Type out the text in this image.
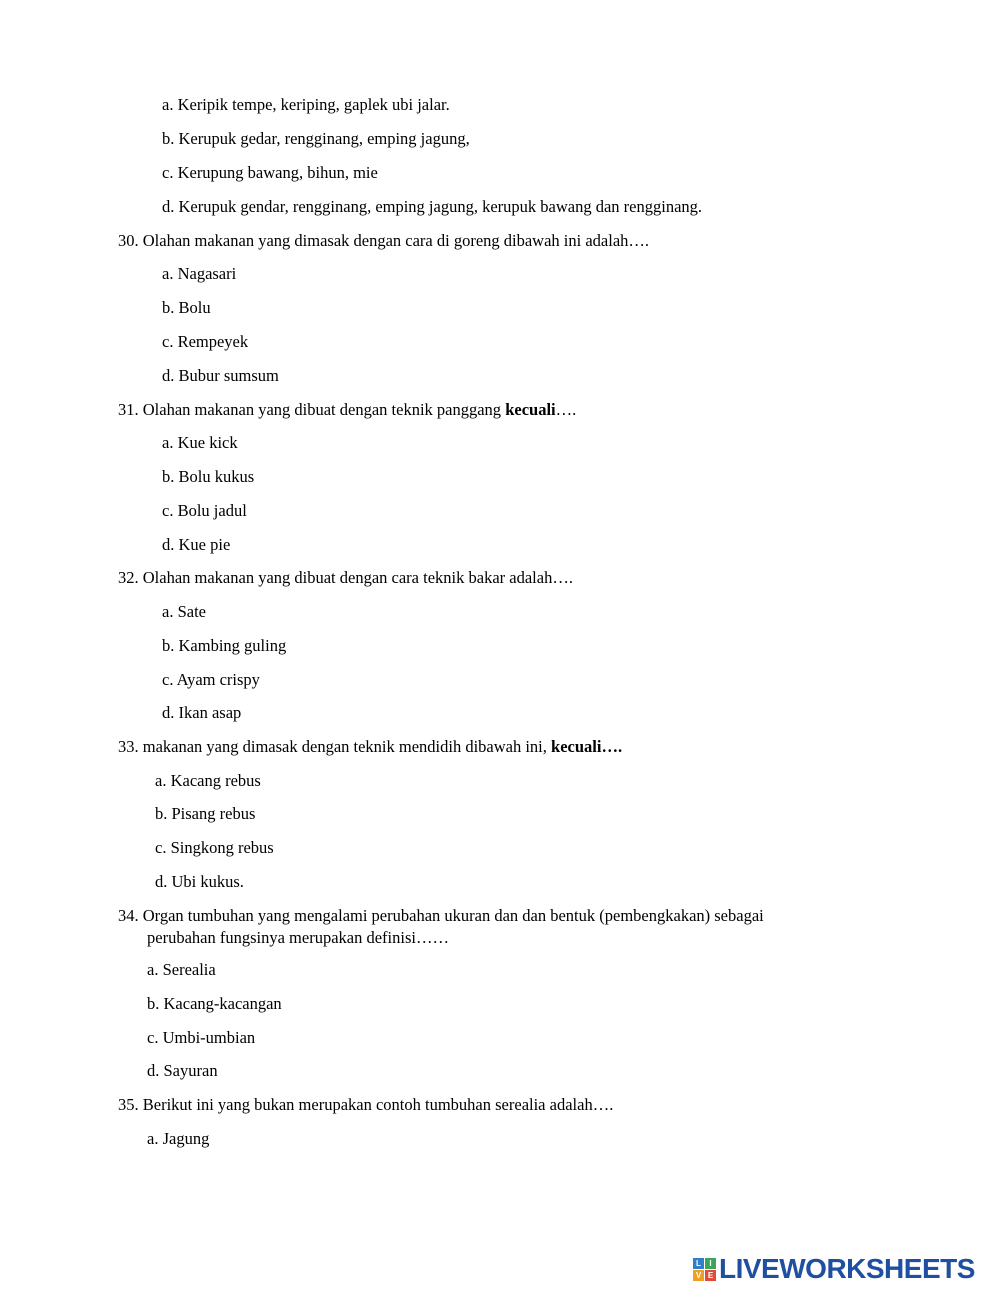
a. Keripik tempe, keriping, gaplek ubi jalar.
b. Kerupuk gedar, rengginang, emping jagung,
c. Kerupung bawang, bihun, mie
d. Kerupuk gendar, rengginang, emping jagung, kerupuk bawang dan rengginang.
30. Olahan makanan yang dimasak dengan cara di goreng dibawah ini adalah….
a. Nagasari
b. Bolu
c. Rempeyek
d. Bubur sumsum
31. Olahan makanan yang dibuat dengan teknik panggang kecuali….
a. Kue kick
b. Bolu kukus
c. Bolu jadul
d. Kue pie
32. Olahan makanan yang dibuat dengan cara teknik bakar adalah….
a. Sate
b. Kambing guling
c. Ayam crispy
d. Ikan asap
33. makanan yang dimasak dengan teknik mendidih dibawah ini, kecuali….
a. Kacang rebus
b. Pisang rebus
c. Singkong rebus
d. Ubi kukus.
34. Organ tumbuhan yang mengalami perubahan ukuran dan dan bentuk (pembengkakan) sebagai
perubahan fungsinya merupakan definisi……
a. Serealia
b. Kacang-kacangan
c. Umbi-umbian
d. Sayuran
35. Berikut ini yang bukan merupakan contoh tumbuhan serealia adalah….
a. Jagung
L	I
V E LIVEWORKSHEETS
